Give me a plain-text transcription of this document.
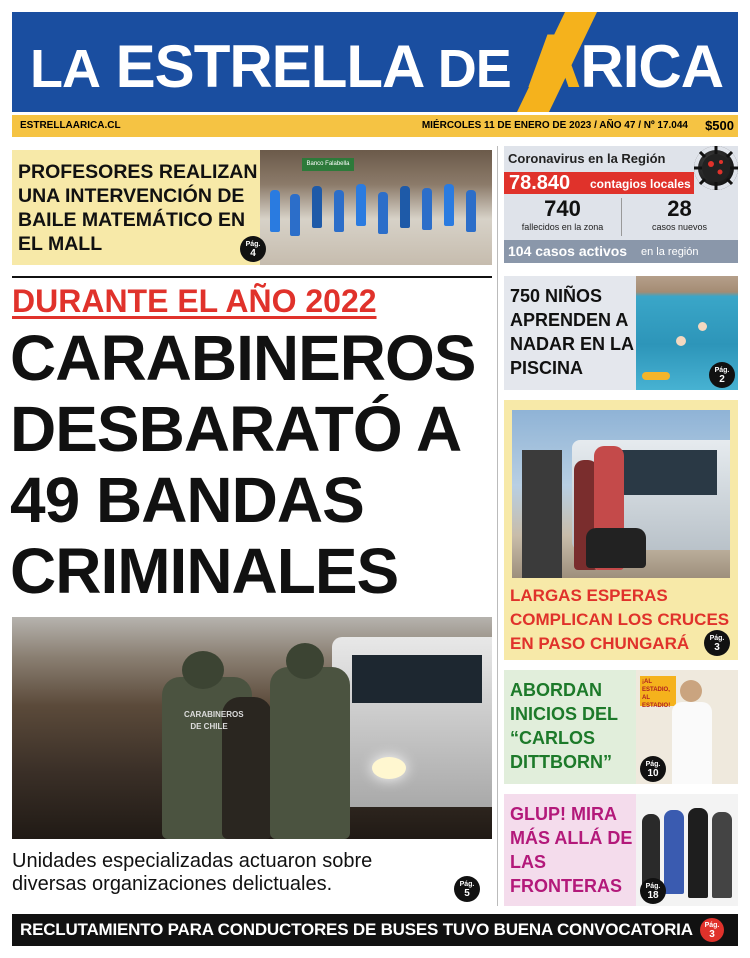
LA ESTRELLA DE ARICA
ESTRELLAARICA.CL	MIÉRCOLES 11 DE ENERO DE 2023 / AÑO 47 / Nº 17.044 $500
PROFESORES REALIZAN UNA INTERVENCIÓN DE BAILE MATEMÁTICO EN EL MALL
Banco Falabella
Pág.
4
Coronavirus en la Región
78.840 contagios locales
740
fallecidos en la zona
28
casos nuevos
104 casos activos en la región
DURANTE EL AÑO 2022
CARABINEROS
DESBARATÓ A
49 BANDAS
CRIMINALES
CARABINEROS
DE CHILE
Unidades especializadas actuaron sobre diversas organizaciones delictuales.	Pág.
5
750 NIÑOS APRENDEN A NADAR EN LA PISCINA	Pág.
2
LARGAS ESPERAS COMPLICAN LOS CRUCES EN PASO CHUNGARÁ	Pág.
3
ABORDAN INICIOS DEL “CARLOS DITTBORN”
¡AL ESTADIO, AL ESTADIO!
Pág.
10
GLUP! MIRA MÁS ALLÁ DE LAS FRONTERAS	Pág.
18
RECLUTAMIENTO PARA CONDUCTORES DE BUSES TUVO BUENA CONVOCATORIA	Pág.
3
